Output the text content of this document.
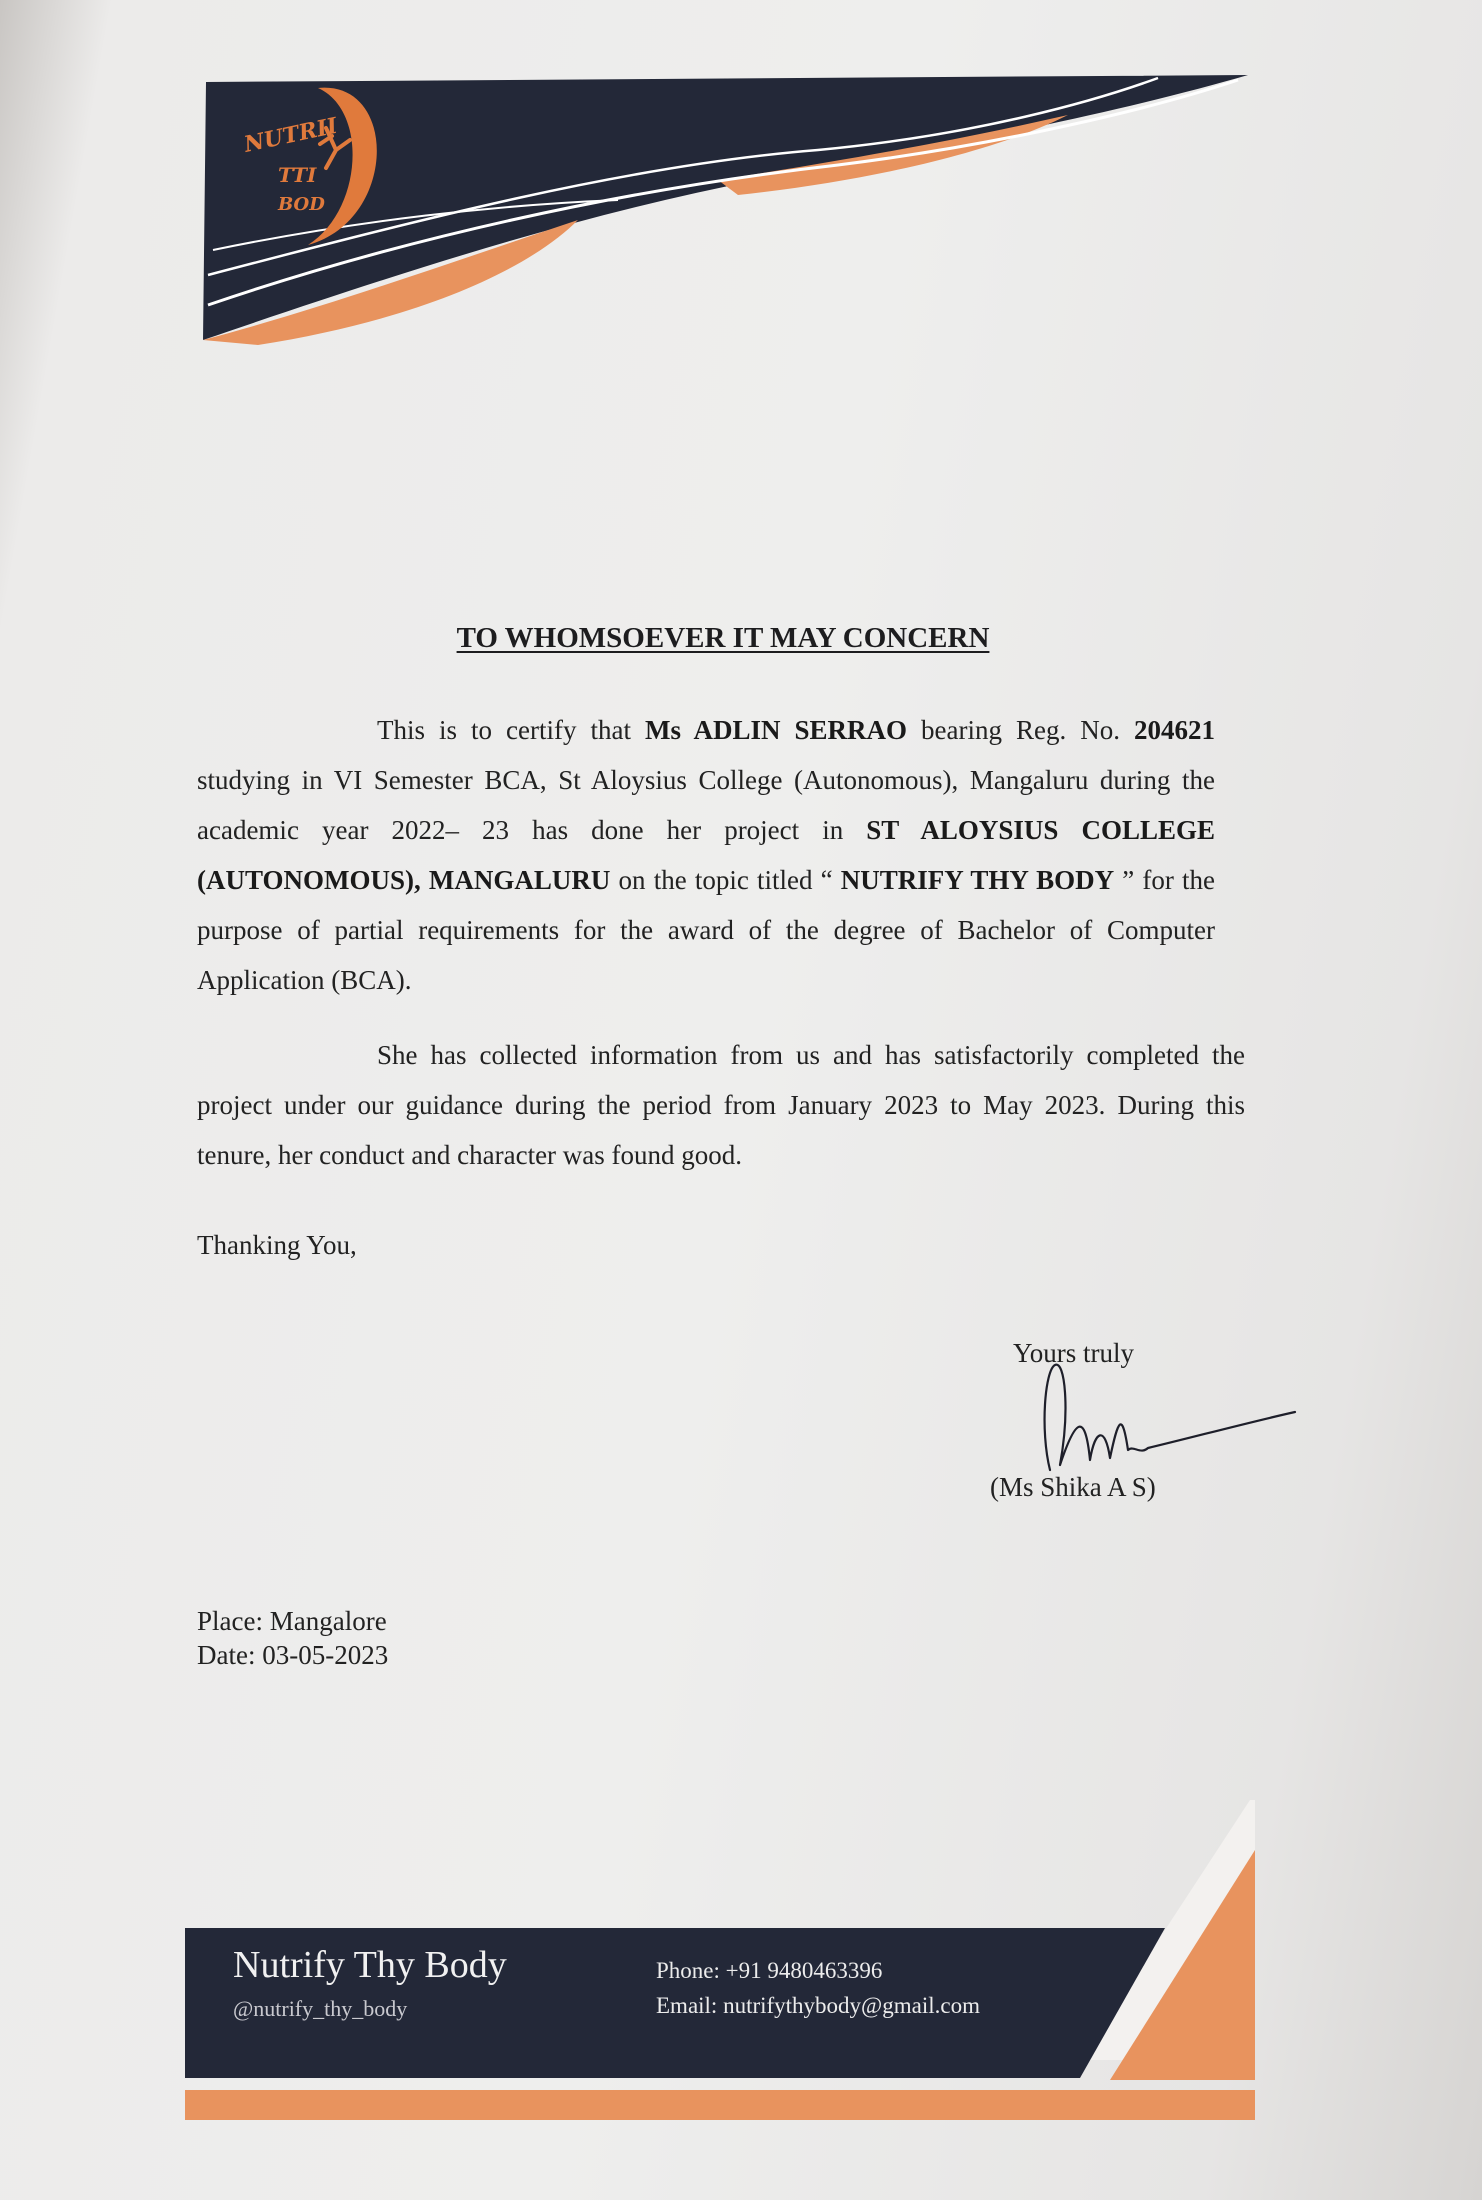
NUTRII
TTI
BOD
TO WHOMSOEVER IT MAY CONCERN
This is to certify that Ms ADLIN SERRAO bearing Reg. No. 204621 studying in VI Semester BCA, St Aloysius College (Autonomous), Mangaluru during the academic year 2022– 23 has done her project in ST ALOYSIUS COLLEGE (AUTONOMOUS), MANGALURU on the topic titled “ NUTRIFY THY BODY ” for the purpose of partial requirements for the award of the degree of Bachelor of Computer Application (BCA).
She has collected information from us and has satisfactorily completed the project under our guidance during the period from January 2023 to May 2023. During this tenure, her conduct and character was found good.
Thanking You,
Yours truly
(Ms Shika A S)
Place: Mangalore
Date: 03-05-2023
Nutrify Thy Body
@nutrify_thy_body
Phone: +91 9480463396
Email: nutrifythybody@gmail.com
